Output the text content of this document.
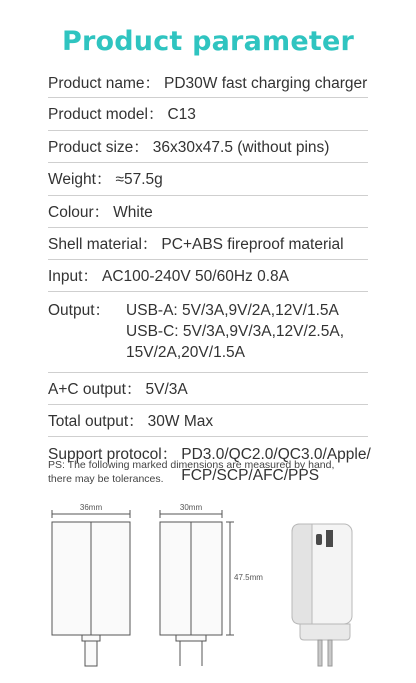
Product parameter
Product name： PD30W fast charging charger
Product model： C13
Product size： 36x30x47.5 (without pins)
Weight： ≈57.5g
Colour： White
Shell material： PC+ABS fireproof material
Input： AC100-240V 50/60Hz 0.8A
Output：	USB-A: 5V/3A,9V/2A,12V/1.5A
USB-C: 5V/3A,9V/3A,12V/2.5A,
15V/2A,20V/1.5A
A+C output： 5V/3A
Total output： 30W Max
Support protocol： PD3.0/QC2.0/QC3.0/Apple/
FCP/SCP/AFC/PPS
PS: The following marked dimensions are measured by hand,
there may be tolerances.
36mm
47.5mm
30mm
